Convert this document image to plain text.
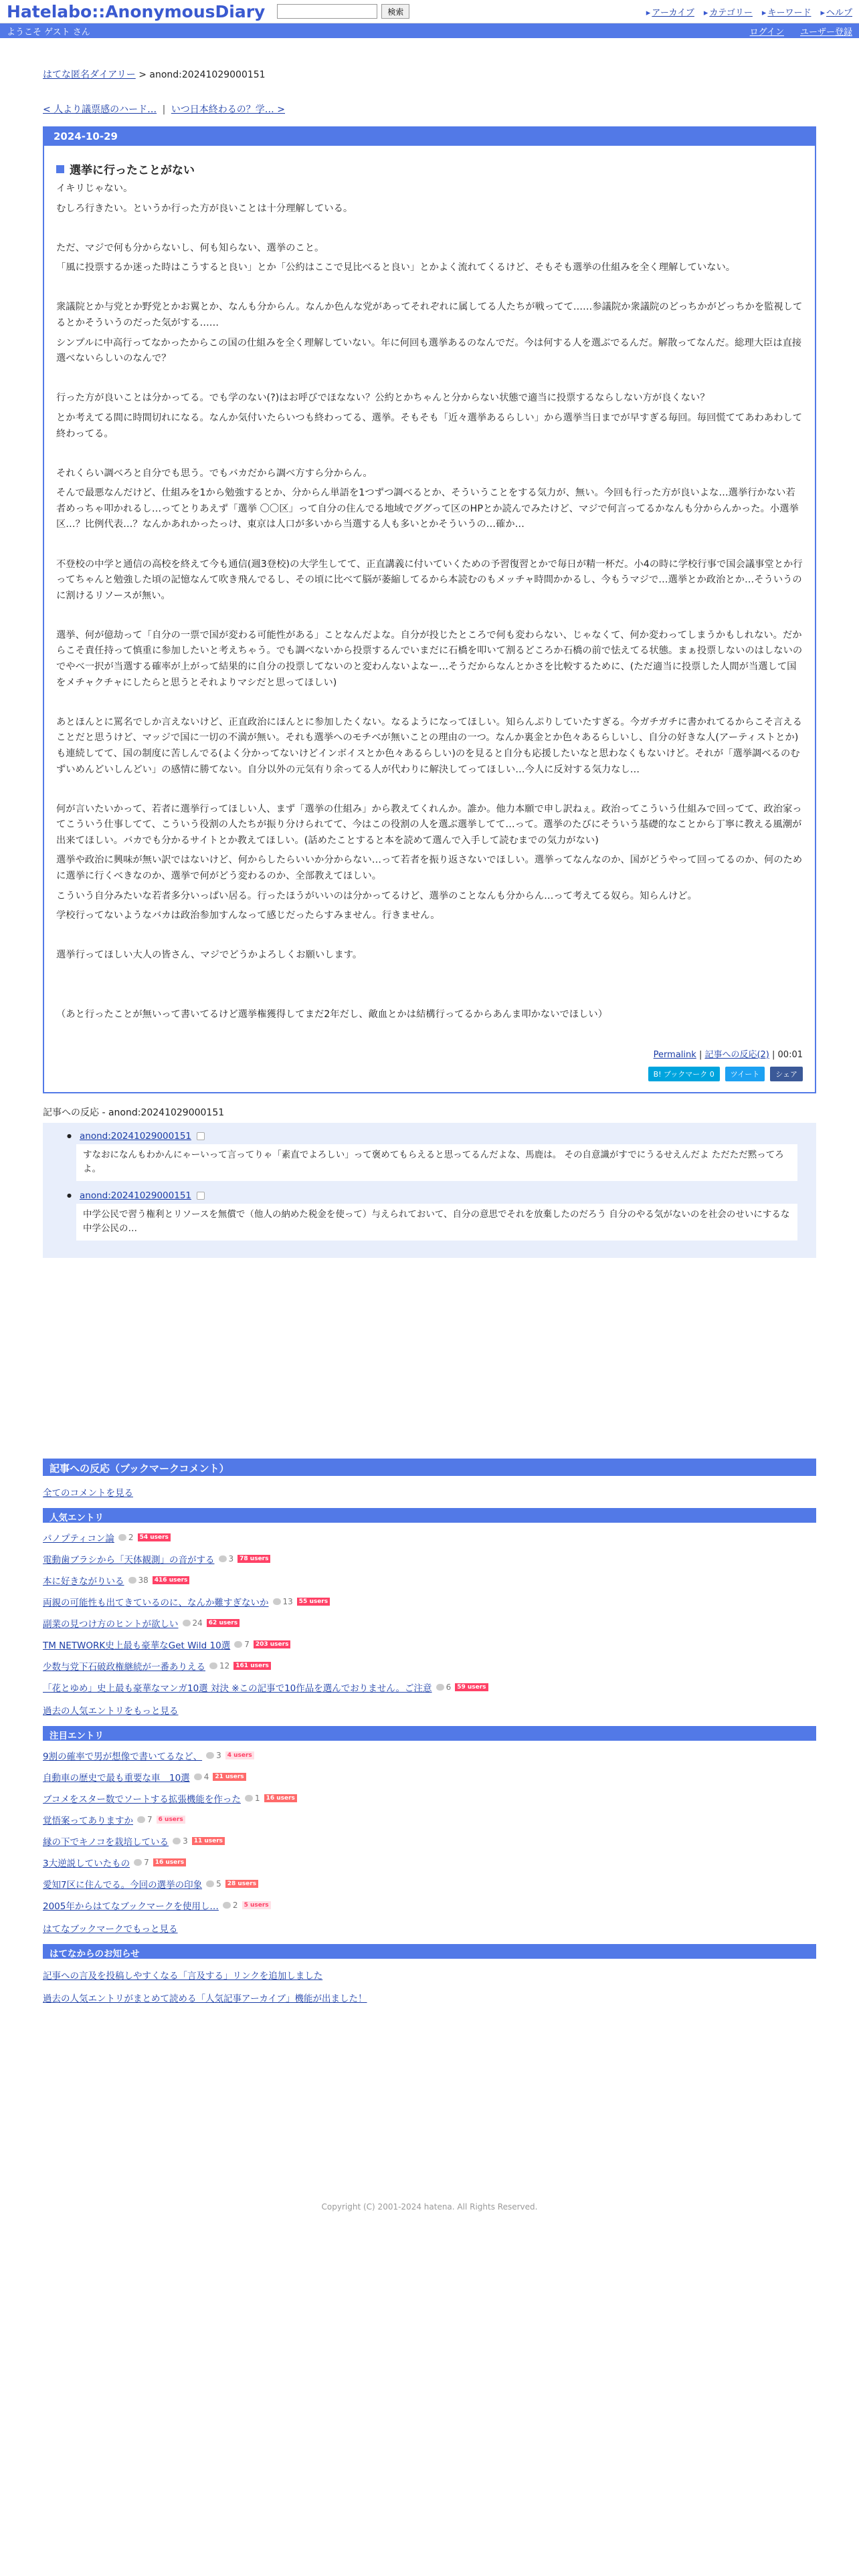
Hatelabo::AnonymousDiary	検索	▸ アーカイブ	▸ カテゴリー	▸ キーワード	▸ ヘルプ
ようこそ ゲスト さん	ログイン ユーザー登録
はてな匿名ダイアリー > anond:20241029000151
< 人より議票感のハード… | いつ日本終わるの？学… >
2024-10-29
選挙に行ったことがない

イキリじゃない。

むしろ行きたい。というか行った方が良いことは十分理解している。

ただ、マジで何も分からないし、何も知らない、選挙のこと。

「風に投票するか迷った時はこうすると良い」とか「公約はここで見比べると良い」とかよく流れてくるけど、そもそも選挙の仕組みを全く理解していない。

衆議院とか与党とか野党とかお翼とか、なんも分からん。なんか色んな党があってそれぞれに属してる人たちが戦ってて……参議院か衆議院のどっちかがどっちかを監視してるとかそういうのだった気がする……

シンプルに中高行ってなかったからこの国の仕組みを全く理解していない。年に何回も選挙あるのなんでだ。今は何する人を選ぶでるんだ。解散ってなんだ。総理大臣は直接選べないらしいのなんで？

行った方が良いことは分かってる。でも学のない(?)はお呼びでほなない？公約とかちゃんと分からない状態で適当に投票するならしない方が良くない？

とか考えてる間に時間切れになる。なんか気付いたらいつも終わってる、選挙。そもそも「近々選挙あるらしい」から選挙当日までが早すぎる毎回。毎回慌ててあわあわして終わってる。

それくらい調べろと自分でも思う。でもバカだから調べ方すら分からん。

そんで最悪なんだけど、仕組みを1から勉強するとか、分からん単語を1つずつ調べるとか、そういうことをする気力が、無い。今回も行った方が良いよな…選挙行かない若者めっちゃ叩かれるし…ってとりあえず「選挙 〇〇区」って自分の住んでる地域でググって区のHPとか読んでみたけど、マジで何言ってるかなんも分からんかった。小選挙区…？比例代表…？なんかあれかったっけ、東京は人口が多いから当選する人も多いとかそういうの…確か…

不登校の中学と通信の高校を終えて今も通信(週3登校)の大学生してて、正直講義に付いていくための予習復習とかで毎日が精一杯だ。小4の時に学校行事で国会議事堂とか行ってちゃんと勉強した頃の記憶なんて吹き飛んでるし、その頃に比べて脳が萎縮してるから本読むのもメッチャ時間かかるし、今もうマジで…選挙とか政治とか…そういうのに割けるリソースが無い。

選挙、何が億劫って「自分の一票で国が変わる可能性がある」ことなんだよな。自分が投じたところで何も変わらない、じゃなくて、何か変わってしまうかもしれない。だからこそ責任持って慎重に参加したいと考えちゃう。でも調べないから投票するんでいまだに石橋を叩いて割るどころか石橋の前で怯えてる状態。まぁ投票しないのはしないのでやべ一択が当選する確率が上がって結果的に自分の投票してないのと変わんないよなー…そうだからなんとかさを比較するために、(ただ適当に投票した人間が当選して国をメチャクチャにしたらと思うとそれよりマシだと思ってほしい)

あとほんとに罵名でしか言えないけど、正直政治にほんとに参加したくない。なるようになってほしい。知らんぷりしていたすぎる。今ガチガチに書かれてるからこそ言えることだと思うけど、マッジで国に一切の不満が無い。それも選挙へのモチベが無いことの理由の一つ。なんか裏金とか色々あるらしいし、自分の好きな人(アーティストとか)も連続してて、国の制度に苦しんでる(よく分かってないけどインボイスとか色々あるらしい)のを見ると自分も応援したいなと思わなくもないけど。それが「選挙調べるのむずいめんどいしんどい」の感情に勝てない。自分以外の元気有り余ってる人が代わりに解決してってほしい…今人に反対する気力なし…

何が言いたいかって、若者に選挙行ってほしい人、まず「選挙の仕組み」から教えてくれんか。誰か。他力本願で申し訳ねぇ。政治ってこういう仕組みで回ってて、政治家ってこういう仕事してて、こういう役割の人たちが振り分けられてて、今はこの役割の人を選ぶ選挙してて…って。選挙のたびにそういう基礎的なことから丁寧に教える風潮が出来てほしい。バカでも分かるサイトとか教えてほしい。(話めたことすると本を読めて選んで入手して読むまでの気力がない)

選挙や政治に興味が無い訳ではないけど、何からしたらいいか分からない…って若者を振り返さないでほしい。選挙ってなんなのか、国がどうやって回ってるのか、何のために選挙に行くべきなのか、選挙で何がどう変わるのか、全部教えてほしい。

こういう自分みたいな若者多分いっぱい居る。行ったほうがいいのは分かってるけど、選挙のことなんも分からん…って考えてる奴ら。知らんけど。

学校行ってないようなバカは政治参加すんなって感じだったらすみません。行きません。

選挙行ってほしい大人の皆さん、マジでどうかよろしくお願いします。

（あと行ったことが無いって書いてるけど選挙権獲得してまだ2年だし、敵血とかは結構行ってるからあんま叩かないでほしい）

Permalink | 記事への反応(2) | 00:01
B! ブックマーク 0	ツイート	シェア
記事への反応 - anond:20241029000151
● anond:20241029000151
すなおになんもわかんにゃーいって言ってりゃ「素直でよろしい」って褒めてもらえると思ってるんだよな、馬鹿は。 その自意識がすでにうるせえんだよ ただただ黙ってろよ。
● anond:20241029000151
中学公民で習う権利とリソースを無償で（他人の納めた税金を使って）与えられておいて、自分の意思でそれを放棄したのだろう 自分のやる気がないのを社会のせいにするな 中学公民の…
記事への反応（ブックマークコメント）
全てのコメントを見る
人気エントリ
パノプティコン論	2	54 users
電動歯ブラシから「天体観測」の音がする	3	78 users
本に好きながりいる	38	416 users
両親の可能性も出てきているのに、なんか難すぎないか	13	55 users
副業の見つけ方のヒントが欲しい	24	62 users
TM NETWORK史上最も豪華なGet Wild 10選	7	203 users
少数与党下石破政権継続が一番ありえる	12	161 users
「花とゆめ」史上最も豪華なマンガ10選 対決 ※この記事で10作品を選んでおりません。ご注意	6	59 users
過去の人気エントリをもっと見る
注目エントリ
9割の確率で男が想像で書いてるなど、	3	4 users
自動車の歴史で最も重要な車　10選	4	21 users
ブコメをスター数でソートする拡張機能を作った	1	16 users
覚悟案ってありますか	7	6 users
縁の下でキノコを栽培している	3	11 users
3大逆説していたもの	7	16 users
愛知7区に住んでる。今回の選挙の印象	5	28 users
2005年からはてなブックマークを使用し…	2	5 users
はてなブックマークでもっと見る
はてなからのお知らせ
記事への言及を投稿しやすくなる「言及する」リンクを追加しました
過去の人気エントリがまとめて読める「人気記事アーカイブ」機能が出ました！
Copyright (C) 2001-2024 hatena. All Rights Reserved.
